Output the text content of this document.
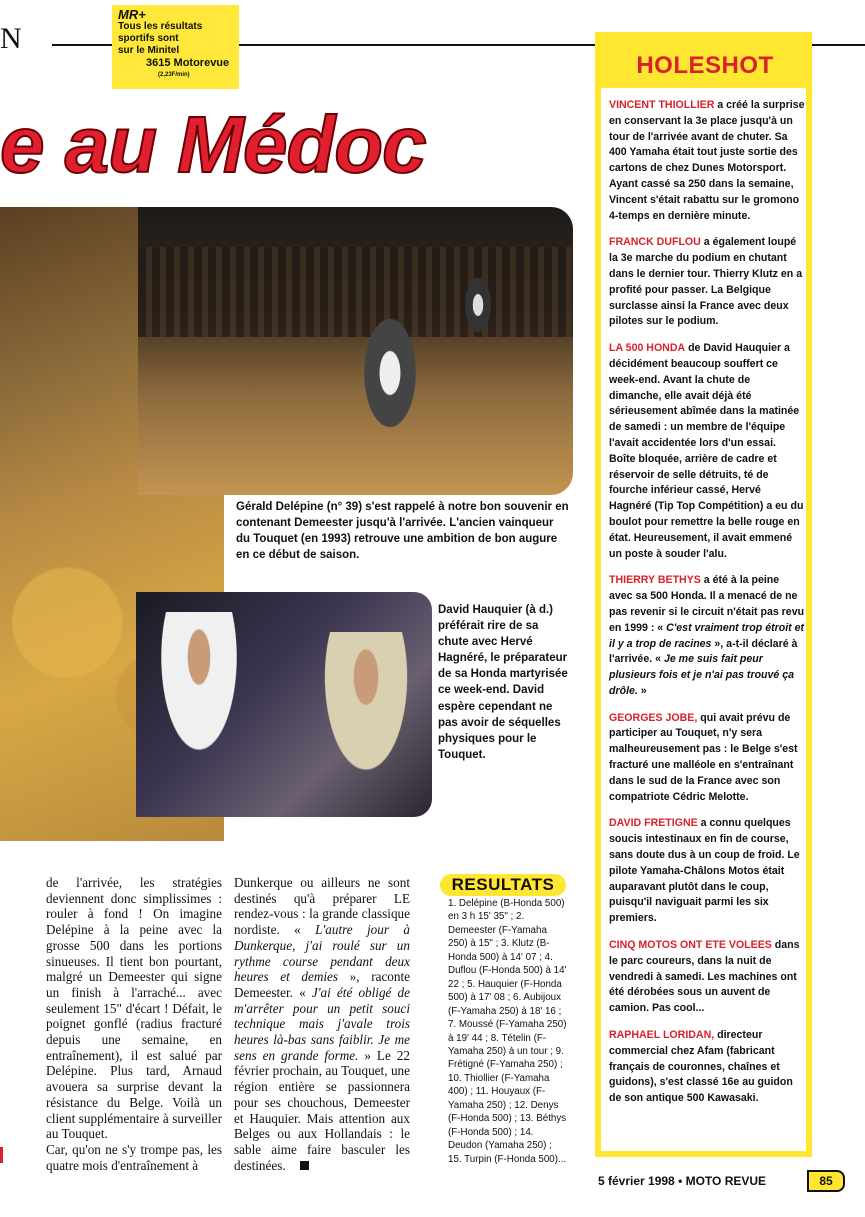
N
MR+
Tous les résultats
sportifs sont
sur le Minitel
3615 Motorevue
(2,23F/min)
e au Médoc
Gérald Delépine (n° 39) s'est rappelé à notre bon souvenir en contenant Demeester jusqu'à l'arrivée. L'ancien vainqueur du Touquet (en 1993) retrouve une ambition de bon augure en ce début de saison.
David Hauquier (à d.) préférait rire de sa chute avec Hervé Hagnéré, le préparateur de sa Honda martyrisée ce week-end. David espère cependant ne pas avoir de séquelles physiques pour le Touquet.
HOLESHOT

VINCENT THIOLLIER a créé la surprise en conservant la 3e place jusqu'à un tour de l'arrivée avant de chuter. Sa 400 Yamaha était tout juste sortie des cartons de chez Dunes Motorsport. Ayant cassé sa 250 dans la semaine, Vincent s'était rabattu sur le gromono 4-temps en dernière minute.

FRANCK DUFLOU a également loupé la 3e marche du podium en chutant dans le dernier tour. Thierry Klutz en a profité pour passer. La Belgique surclasse ainsi la France avec deux pilotes sur le podium.

LA 500 HONDA de David Hauquier a décidément beaucoup souffert ce week-end. Avant la chute de dimanche, elle avait déjà été sérieusement abîmée dans la matinée de samedi : un membre de l'équipe l'avait accidentée lors d'un essai. Boîte bloquée, arrière de cadre et réservoir de selle détruits, té de fourche inférieur cassé, Hervé Hagnéré (Tip Top Compétition) a eu du boulot pour remettre la belle rouge en état. Heureusement, il avait emmené un poste à souder l'alu.

THIERRY BETHYS a été à la peine avec sa 500 Honda. Il a menacé de ne pas revenir si le circuit n'était pas revu en 1999 : « C'est vraiment trop étroit et il y a trop de racines », a-t-il déclaré à l'arrivée. « Je me suis fait peur plusieurs fois et je n'ai pas trouvé ça drôle. »

GEORGES JOBE, qui avait prévu de participer au Touquet, n'y sera malheureusement pas : le Belge s'est fracturé une malléole en s'entraînant dans le sud de la France avec son compatriote Cédric Melotte.

DAVID FRETIGNE a connu quelques soucis intestinaux en fin de course, sans doute dus à un coup de froid. Le pilote Yamaha-Châlons Motos était auparavant plutôt dans le coup, puisqu'il naviguait parmi les six premiers.

CINQ MOTOS ONT ETE VOLEES dans le parc coureurs, dans la nuit de vendredi à samedi. Les machines ont été dérobées sous un auvent de camion. Pas cool...

RAPHAEL LORIDAN, directeur commercial chez Afam (fabricant français de couronnes, chaînes et guidons), s'est classé 16e au guidon de son antique 500 Kawasaki.

de l'arrivée, les stratégies deviennent donc simplissimes : rouler à fond ! On imagine Delépine à la peine avec la grosse 500 dans les portions sinueuses. Il tient bon pourtant, malgré un Demeester qui signe un finish à l'arraché... avec seulement 15" d'écart ! Défait, le poignet gonflé (radius fracturé depuis une semaine, en entraînement), il est salué par Delépine. Plus tard, Arnaud avouera sa surprise devant la résistance du Belge. Voilà un client supplémentaire à surveiller au Touquet.
Car, qu'on ne s'y trompe pas, les quatre mois d'entraînement à
Dunkerque ou ailleurs ne sont destinés qu'à préparer LE rendez-vous : la grande classique nordiste. « L'autre jour à Dunkerque, j'ai roulé sur un rythme course pendant deux heures et demies », raconte Demeester. « J'ai été obligé de m'arrêter pour un petit souci technique mais j'avale trois heures là-bas sans faiblir. Je me sens en grande forme. » Le 22 février prochain, au Touquet, une région entière se passionnera pour ses chouchous, Demeester et Hauquier. Mais attention aux Belges ou aux Hollandais : le sable aime faire basculer les destinées.
RESULTATS
1. Delépine (B-Honda 500) en 3 h 15' 35" ; 2. Demeester (F-Yamaha 250) à 15" ; 3. Klutz (B-Honda 500) à 14' 07 ; 4. Duflou (F-Honda 500) à 14' 22 ; 5. Hauquier (F-Honda 500) à 17' 08 ; 6. Aubijoux (F-Yamaha 250) à 18' 16 ; 7. Moussé (F-Yamaha 250) à 19' 44 ; 8. Tételin (F-Yamaha 250) à un tour ; 9. Frétigné (F-Yamaha 250) ; 10. Thiollier (F-Yamaha 400) ; 11. Houyaux (F-Yamaha 250) ; 12. Denys (F-Honda 500) ; 13. Béthys (F-Honda 500) ; 14. Deudon (Yamaha 250) ; 15. Turpin (F-Honda 500)...
5 février 1998 • MOTO REVUE	85
